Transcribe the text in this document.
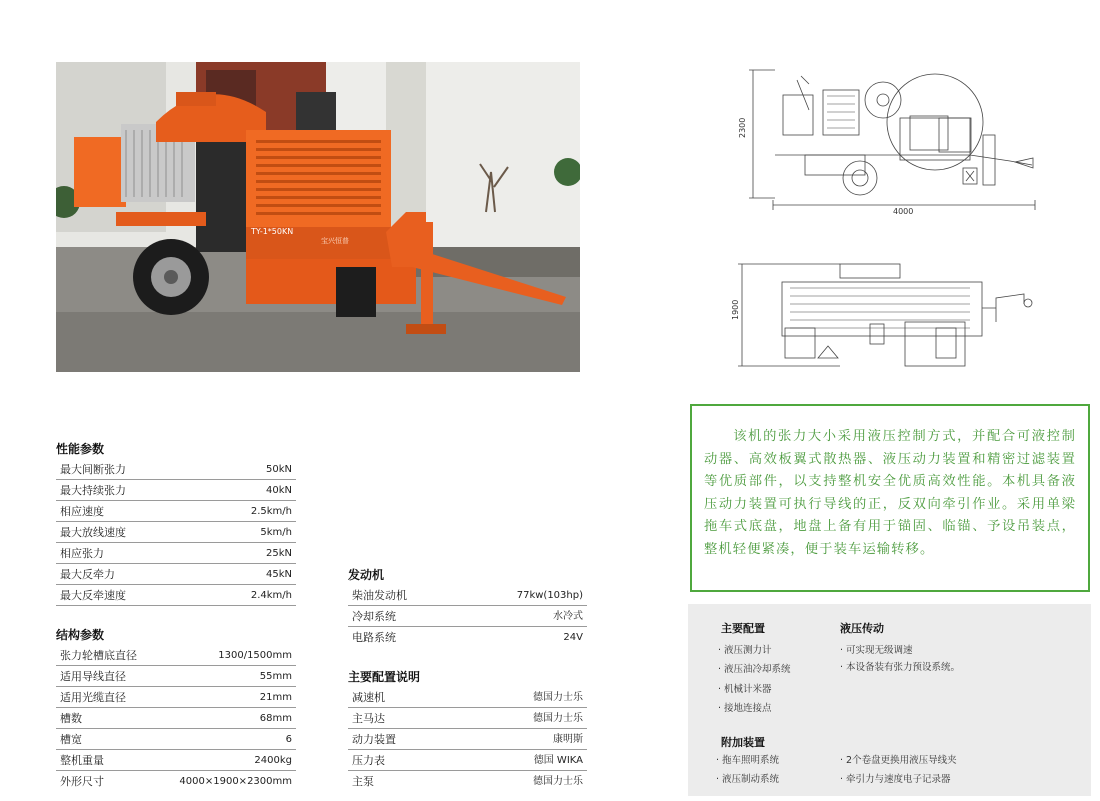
TY-1*50KN
宝兴恒普
2300
4000
1900
性能参数
最大间断张力	50kN
最大持续张力	40kN
相应速度	2.5km/h
最大放线速度	5km/h
相应张力	25kN
最大反牵力	45kN
最大反牵速度	2.4km/h
结构参数
张力轮槽底直径	1300/1500mm
适用导线直径	55mm
适用光缆直径	21mm
槽数	68mm
槽宽	6
整机重量	2400kg
外形尺寸	4000×1900×2300mm
发动机
柴油发动机	77kw(103hp)
冷却系统	水冷式
电路系统	24V
主要配置说明
减速机	德国力士乐
主马达	德国力士乐
动力装置	康明斯
压力表	德国 WIKA
主泵	德国力士乐

该机的张力大小采用液压控制方式，并配合可液控制动器、高效板翼式散热器、液压动力装置和精密过滤装置等优质部件，以支持整机安全优质高效性能。本机具备液压动力装置可执行导线的正，反双向牵引作业。采用单梁拖车式底盘，地盘上备有用于锚固、临锚、予设吊装点，整机轻便紧凑，便于装车运输转移。

主要配置
· 液压测力计
· 液压油冷却系统
· 机械计米器
· 接地连接点
液压传动
· 可实现无级调速
· 本设备装有张力预设系统。
附加装置
· 拖车照明系统
· 液压制动系统
· 2个卷盘更换用液压导线夹
· 牵引力与速度电子记录器
